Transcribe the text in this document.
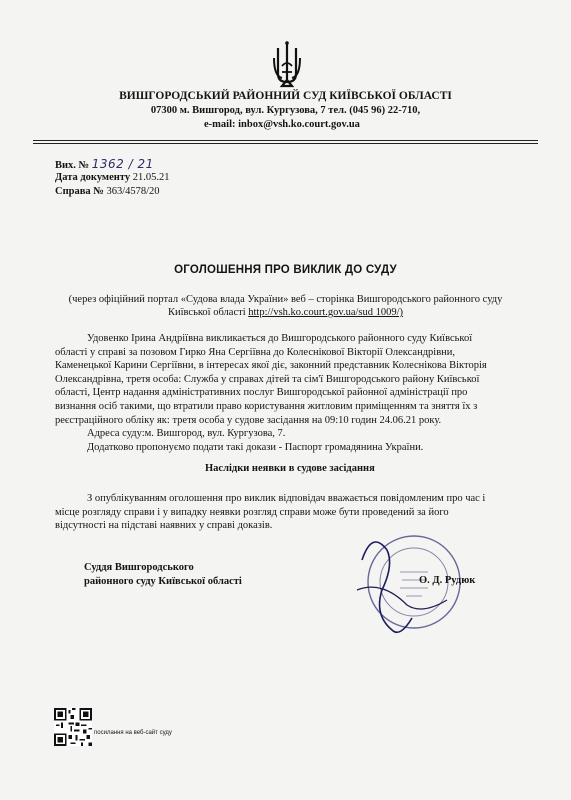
ВИШГОРОДСЬКИЙ РАЙОННИЙ СУД КИЇВСЬКОЇ ОБЛАСТІ
07300 м. Вишгород, вул. Кургузова, 7 тел. (045 96) 22-710,
e-mail: inbox@vsh.ko.court.gov.ua
Вих. № 1362 / 21
Дата документу 21.05.21
Справа № 363/4578/20
ОГОЛОШЕННЯ ПРО ВИКЛИК ДО СУДУ
(через офіційний портал «Судова влада України» веб – сторінка Вишгородського районного суду
Київської області http://vsh.ko.court.gov.ua/sud 1009/)
Удовенко Ірина Андріївна викликається до Вишгородського районного суду Київської
області у справі за позовом Гирко Яна Сергіївна до Колеснікової Вікторії Олександрівни,
Каменецької Карини Сергіївни, в інтересах якої діє, законний представник Колеснікова Вікторія
Олександрівна, третя особа: Служба у справах дітей та сім'ї Вишгородського району Київської
області, Центр надання адміністративних послуг Вишгородської районної адміністрації про
визнання осіб такими, що втратили право користування житловим приміщенням та зняття їх з
реєстраційного обліку як: третя особа у судове засідання на 09:10 годин 24.06.21 року.
Адреса суду:м. Вишгород, вул. Кургузова, 7.
Додатково пропонуємо подати такі докази - Паспорт громадянина України.
Наслідки неявки в судове засідання
З опублікуванням оголошення про виклик відповідач вважається повідомленим про час і
місце розгляду справи і у випадку неявки розгляд справи може бути проведений за його
відсутності на підставі наявних у справі доказів.
Суддя Вишгородського
районного суду Київської області	О. Д. Рудюк
посилання на веб-сайт суду
